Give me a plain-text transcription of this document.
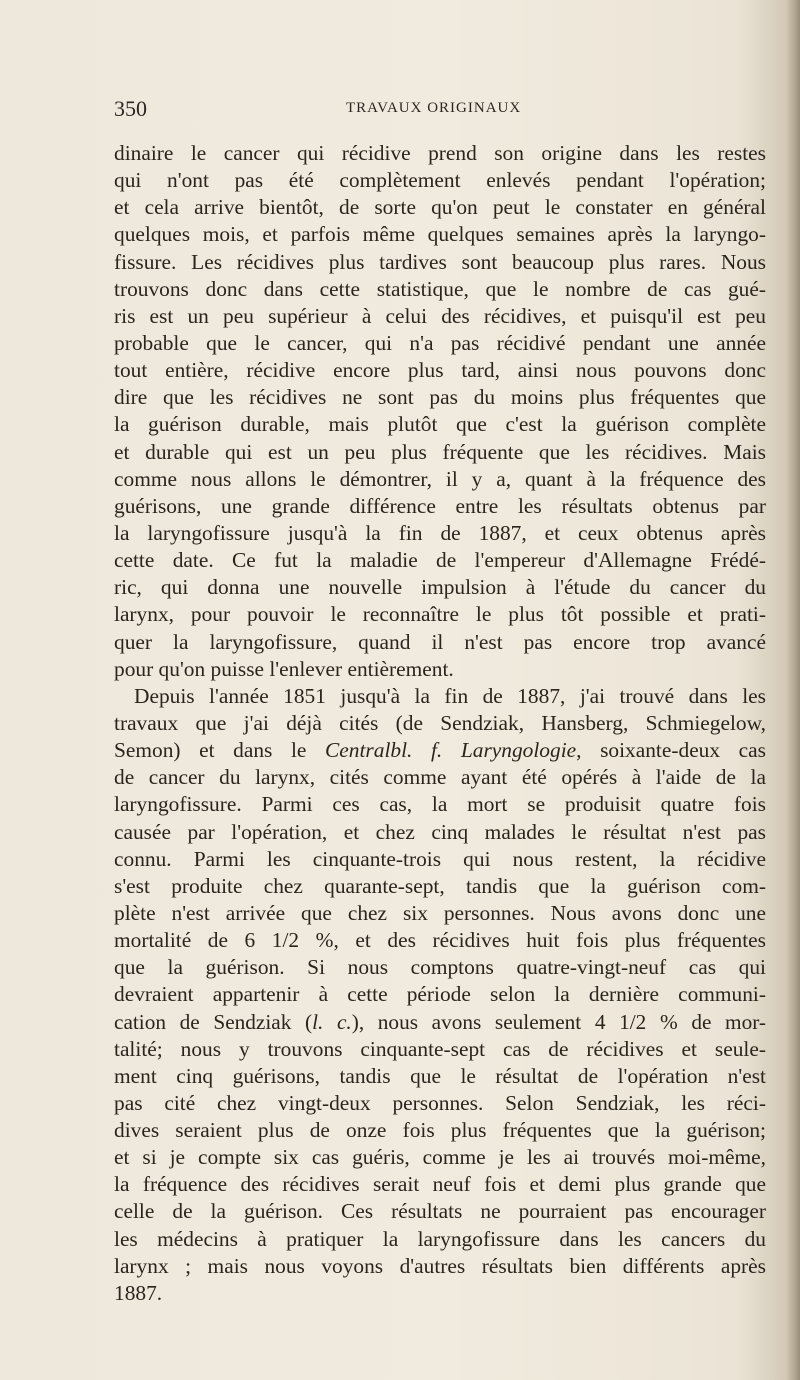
350	TRAVAUX ORIGINAUX
dinaire le cancer qui récidive prend son origine dans les restes
qui n'ont pas été complètement enlevés pendant l'opération;
et cela arrive bientôt, de sorte qu'on peut le constater en général
quelques mois, et parfois même quelques semaines après la laryngo-
fissure. Les récidives plus tardives sont beaucoup plus rares. Nous
trouvons donc dans cette statistique, que le nombre de cas gué-
ris est un peu supérieur à celui des récidives, et puisqu'il est peu
probable que le cancer, qui n'a pas récidivé pendant une année
tout entière, récidive encore plus tard, ainsi nous pouvons donc
dire que les récidives ne sont pas du moins plus fréquentes que
la guérison durable, mais plutôt que c'est la guérison complète
et durable qui est un peu plus fréquente que les récidives. Mais
comme nous allons le démontrer, il y a, quant à la fréquence des
guérisons, une grande différence entre les résultats obtenus par
la laryngofissure jusqu'à la fin de 1887, et ceux obtenus après
cette date. Ce fut la maladie de l'empereur d'Allemagne Frédé-
ric, qui donna une nouvelle impulsion à l'étude du cancer du
larynx, pour pouvoir le reconnaître le plus tôt possible et prati-
quer la laryngofissure, quand il n'est pas encore trop avancé
pour qu'on puisse l'enlever entièrement.
Depuis l'année 1851 jusqu'à la fin de 1887, j'ai trouvé dans les
travaux que j'ai déjà cités (de Sendziak, Hansberg, Schmiegelow,
Semon) et dans le Centralbl. f. Laryngologie, soixante-deux cas
de cancer du larynx, cités comme ayant été opérés à l'aide de la
laryngofissure. Parmi ces cas, la mort se produisit quatre fois
causée par l'opération, et chez cinq malades le résultat n'est pas
connu. Parmi les cinquante-trois qui nous restent, la récidive
s'est produite chez quarante-sept, tandis que la guérison com-
plète n'est arrivée que chez six personnes. Nous avons donc une
mortalité de 6 1/2 %, et des récidives huit fois plus fréquentes
que la guérison. Si nous comptons quatre-vingt-neuf cas qui
devraient appartenir à cette période selon la dernière communi-
cation de Sendziak (l. c.), nous avons seulement 4 1/2 % de mor-
talité; nous y trouvons cinquante-sept cas de récidives et seule-
ment cinq guérisons, tandis que le résultat de l'opération n'est
pas cité chez vingt-deux personnes. Selon Sendziak, les réci-
dives seraient plus de onze fois plus fréquentes que la guérison;
et si je compte six cas guéris, comme je les ai trouvés moi-même,
la fréquence des récidives serait neuf fois et demi plus grande que
celle de la guérison. Ces résultats ne pourraient pas encourager
les médecins à pratiquer la laryngofissure dans les cancers du
larynx ; mais nous voyons d'autres résultats bien différents après
1887.
